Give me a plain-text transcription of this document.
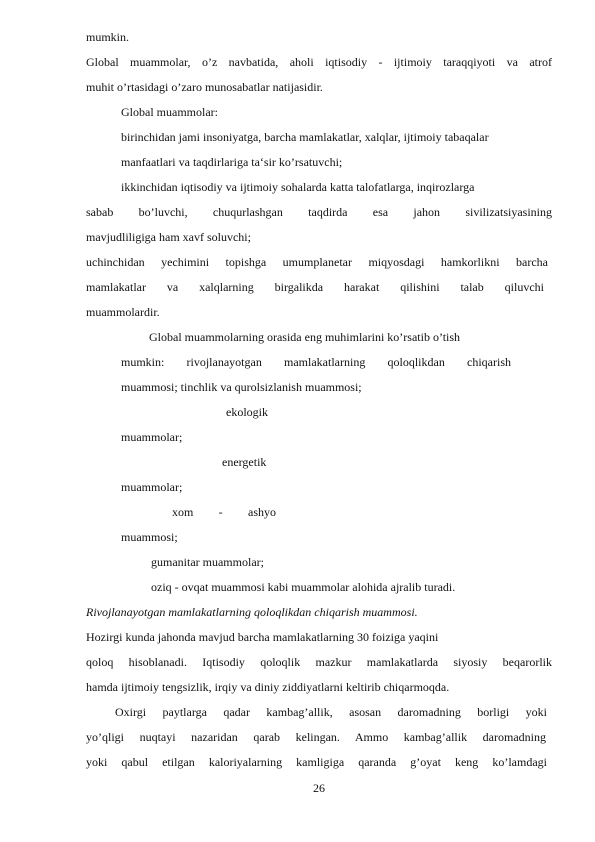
mumkin.
Global muammolar, o’z navbatida, aholi iqtisodiy - ijtimoiy taraqqiyoti va atrof
muhit o’rtasidagi o’zaro munosabatlar natijasidir.
Global muammolar:
birinchidan jami insoniyatga, barcha mamlakatlar, xalqlar, ijtimoiy tabaqalar
manfaatlari va taqdirlariga ta‘sir ko’rsatuvchi;
ikkinchidan iqtisodiy va ijtimoiy sohalarda katta talofatlarga, inqirozlarga
sabab bo’luvchi, chuqurlashgan taqdirda esa jahon sivilizatsiyasining
mavjudliligiga ham xavf soluvchi;
uchinchidan yechimini topishga umumplanetar miqyosdagi hamkorlikni barcha
mamlakatlar va xalqlarning birgalikda harakat qilishini talab qiluvchi
muammolardir.
Global muammolarning orasida eng muhimlarini ko’rsatib o’tish
mumkin: rivojlanayotgan mamlakatlarning qoloqlikdan chiqarish
muammosi; tinchlik va qurolsizlanish muammosi;
ekologik
muammolar;
energetik
muammolar;
xom - ashyo
muammosi;
gumanitar muammolar;
oziq - ovqat muammosi kabi muammolar alohida ajralib turadi.
Rivojlanayotgan mamlakatlarning qoloqlikdan chiqarish muammosi.
Hozirgi kunda jahonda mavjud barcha mamlakatlarning 30 foiziga yaqini
qoloq hisoblanadi. Iqtisodiy qoloqlik mazkur mamlakatlarda siyosiy beqarorlik
hamda ijtimoiy tengsizlik, irqiy va diniy ziddiyatlarni keltirib chiqarmoqda.
Oxirgi paytlarga qadar kambag’allik, asosan daromadning borligi yoki
yo’qligi nuqtayi nazaridan qarab kelingan. Ammo kambag’allik daromadning
yoki qabul etilgan kaloriyalarning kamligiga qaranda g’oyat keng ko’lamdagi
26
